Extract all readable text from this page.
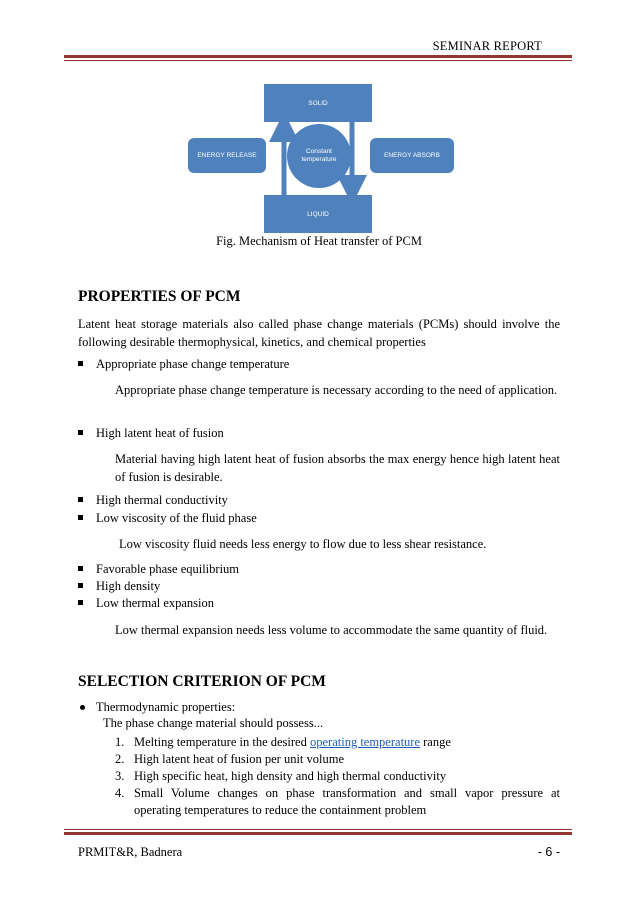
SEMINAR REPORT
SOLID
LIQUID
ENERGY RELEASE	ENERGY ABSORB
Constant
temperature
Fig. Mechanism of Heat transfer of PCM
PROPERTIES OF PCM
Latent heat storage materials also called phase change materials (PCMs) should involve the following desirable thermophysical, kinetics, and chemical properties
Appropriate phase change temperature
Appropriate phase change temperature is necessary according to the need of application.
High latent heat of fusion
Material having high latent heat of fusion absorbs the max energy hence high latent heat of fusion is desirable.
High thermal conductivity
Low viscosity of the fluid phase
Low viscosity fluid needs less energy to flow due to less shear resistance.
Favorable phase equilibrium
High density
Low thermal expansion
Low thermal expansion needs less volume to accommodate the same quantity of fluid.
SELECTION CRITERION OF PCM
Thermodynamic properties:
The phase change material should possess...
1. Melting temperature in the desired operating temperature range
2. High latent heat of fusion per unit volume
3. High specific heat, high density and high thermal conductivity
4. Small Volume changes on phase transformation and small vapor pressure at operating temperatures to reduce the containment problem
PRMIT&R, Badnera	- 6 -
